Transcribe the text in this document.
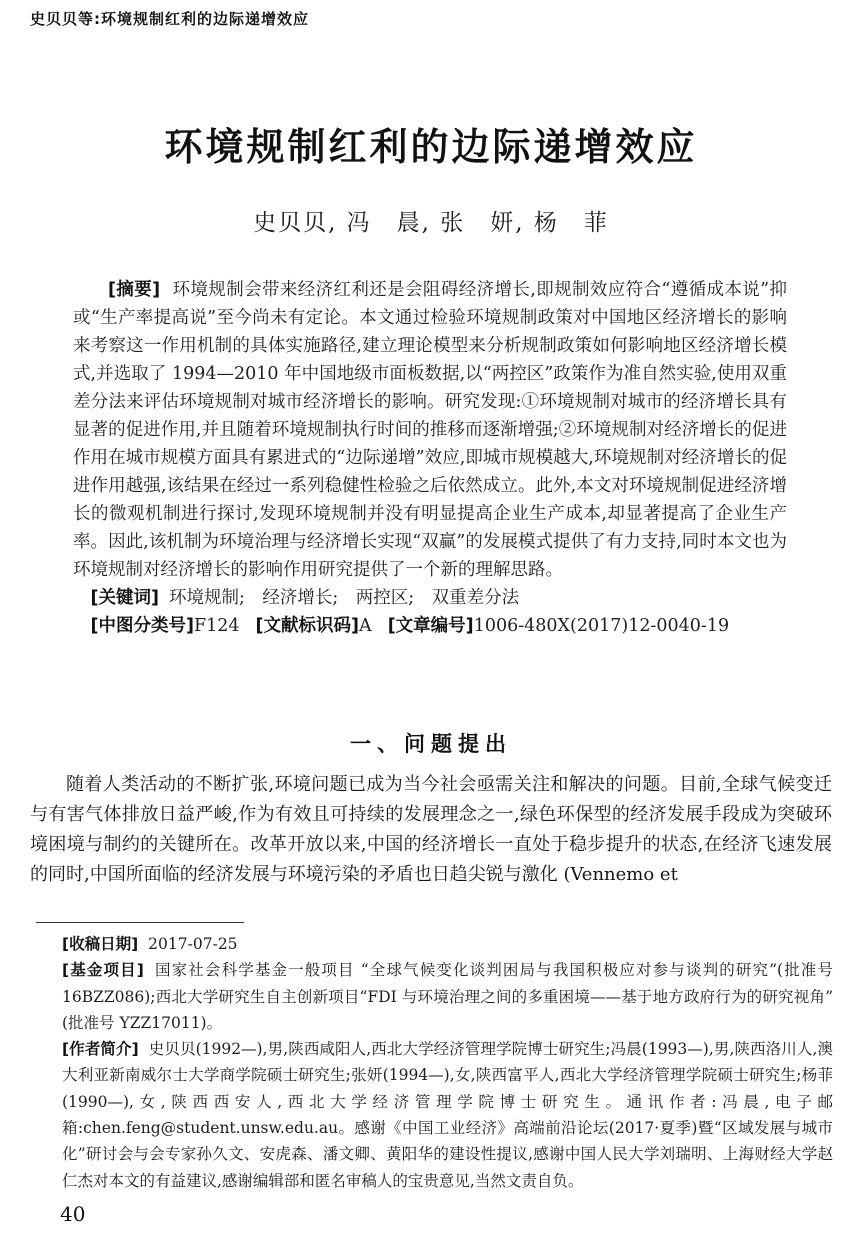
史贝贝等:环境规制红利的边际递增效应
环境规制红利的边际递增效应
史贝贝, 冯　晨, 张　妍, 杨　菲

[摘要] 环境规制会带来经济红利还是会阻碍经济增长,即规制效应符合“遵循成本说”抑或“生产率提高说”至今尚未有定论。本文通过检验环境规制政策对中国地区经济增长的影响来考察这一作用机制的具体实施路径,建立理论模型来分析规制政策如何影响地区经济增长模式,并选取了 1994—2010 年中国地级市面板数据,以“两控区”政策作为准自然实验,使用双重差分法来评估环境规制对城市经济增长的影响。研究发现:①环境规制对城市的经济增长具有显著的促进作用,并且随着环境规制执行时间的推移而逐渐增强;②环境规制对经济增长的促进作用在城市规模方面具有累进式的“边际递增”效应,即城市规模越大,环境规制对经济增长的促进作用越强,该结果在经过一系列稳健性检验之后依然成立。此外,本文对环境规制促进经济增长的微观机制进行探讨,发现环境规制并没有明显提高企业生产成本,却显著提高了企业生产率。因此,该机制为环境治理与经济增长实现“双赢”的发展模式提供了有力支持,同时本文也为环境规制对经济增长的影响作用研究提供了一个新的理解思路。

[关键词] 环境规制;　经济增长;　两控区;　双重差分法

[中图分类号]F124 [文献标识码]A [文章编号]1006-480X(2017)12-0040-19

一、问题提出

随着人类活动的不断扩张,环境问题已成为当今社会亟需关注和解决的问题。目前,全球气候变迁与有害气体排放日益严峻,作为有效且可持续的发展理念之一,绿色环保型的经济发展手段成为突破环境困境与制约的关键所在。改革开放以来,中国的经济增长一直处于稳步提升的状态,在经济飞速发展的同时,中国所面临的经济发展与环境污染的矛盾也日趋尖锐与激化 (Vennemo et

[收稿日期] 2017-07-25

[基金项目] 国家社会科学基金一般项目 “全球气候变化谈判困局与我国积极应对参与谈判的研究”(批准号16BZZ086);西北大学研究生自主创新项目“FDI 与环境治理之间的多重困境——基于地方政府行为的研究视角”(批准号 YZZ17011)。

[作者简介] 史贝贝(1992—),男,陕西咸阳人,西北大学经济管理学院博士研究生;冯晨(1993—),男,陕西洛川人,澳大利亚新南威尔士大学商学院硕士研究生;张妍(1994—),女,陕西富平人,西北大学经济管理学院硕士研究生;杨菲(1990—),女,陕西西安人,西北大学经济管理学院博士研究生。通讯作者:冯晨,电子邮箱:chen.feng@student.unsw.edu.au。感谢《中国工业经济》高端前沿论坛(2017·夏季)暨“区域发展与城市化”研讨会与会专家孙久文、安虎森、潘文卿、黄阳华的建设性提议,感谢中国人民大学刘瑞明、上海财经大学赵仁杰对本文的有益建议,感谢编辑部和匿名审稿人的宝贵意见,当然文责自负。

40
